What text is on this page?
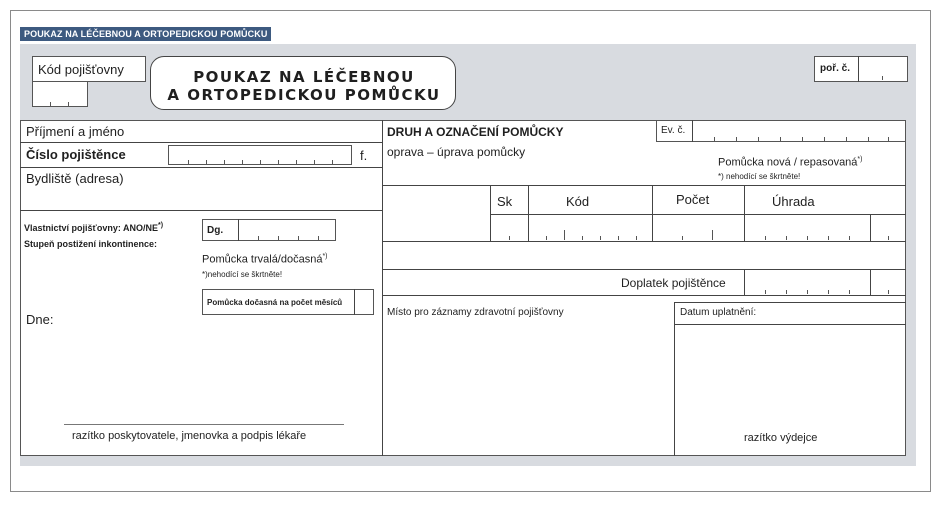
POUKAZ NA LÉČEBNOU A ORTOPEDICKOU POMŮCKU
Kód pojišťovny	POUKAZ NA LÉČEBNOU
A ORTOPEDICKOU POMŮCKU
poř. č.
Příjmení a jméno
Číslo pojištěnce	f.
Bydliště (adresa)
Vlastnictví pojišťovny: ANO/NE*)
Stupeň postižení inkontinence:
Dg.
Pomůcka trvalá/dočasná*)
*)nehodící se škrtněte!
Pomůcka dočasná na počet měsíců
Dne:
razítko poskytovatele, jmenovka a podpis lékaře
DRUH A OZNAČENÍ POMŮCKY	Ev. č.
oprava – úprava pomůcky
Pomůcka nová / repasovaná*)
*) nehodící se škrtněte!
Sk	Kód	Počet	Úhrada
Doplatek pojištěnce
Místo pro záznamy zdravotní pojišťovny	Datum uplatnění:
razítko výdejce
